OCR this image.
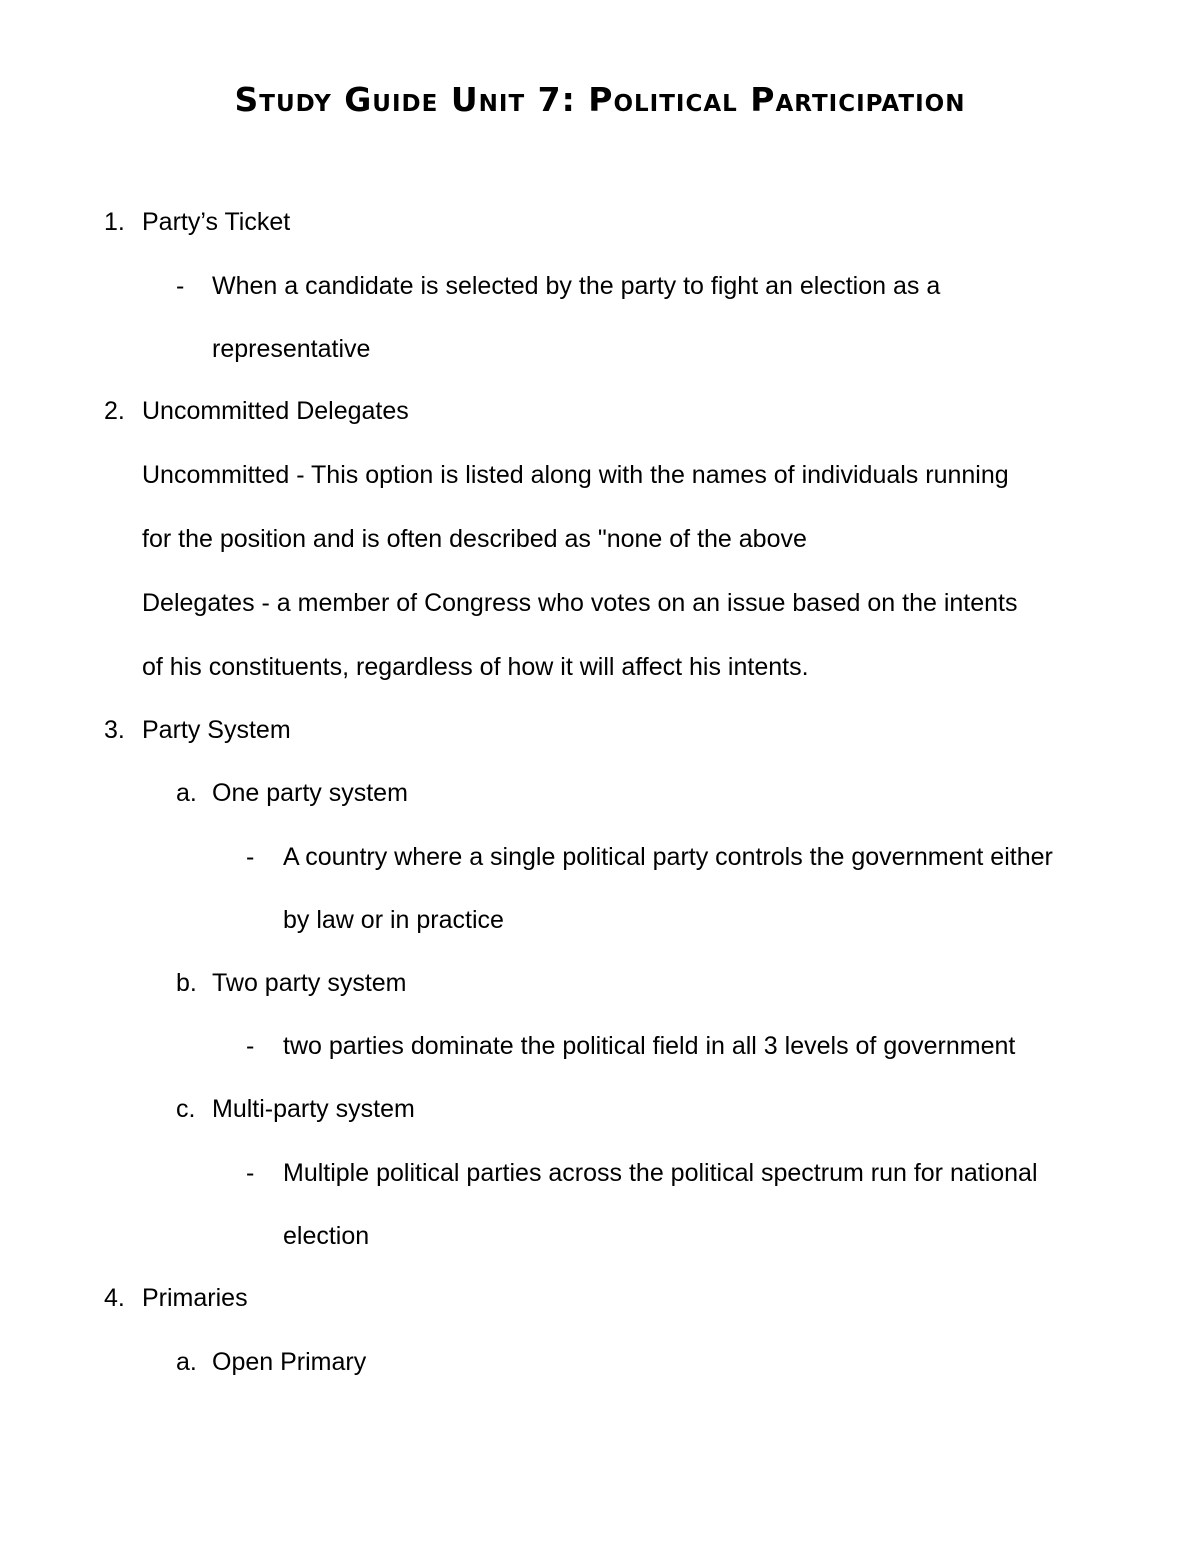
Study Guide Unit 7: Political Participation
1. Party’s Ticket
- When a candidate is selected by the party to fight an election as a
representative
2. Uncommitted Delegates
Uncommitted - This option is listed along with the names of individuals running
for the position and is often described as "none of the above
Delegates - a member of Congress who votes on an issue based on the intents
of his constituents, regardless of how it will affect his intents.
3. Party System
a. One party system
- A country where a single political party controls the government either
by law or in practice
b. Two party system
- two parties dominate the political field in all 3 levels of government
c. Multi-party system
- Multiple political parties across the political spectrum run for national
election
4. Primaries
a. Open Primary
